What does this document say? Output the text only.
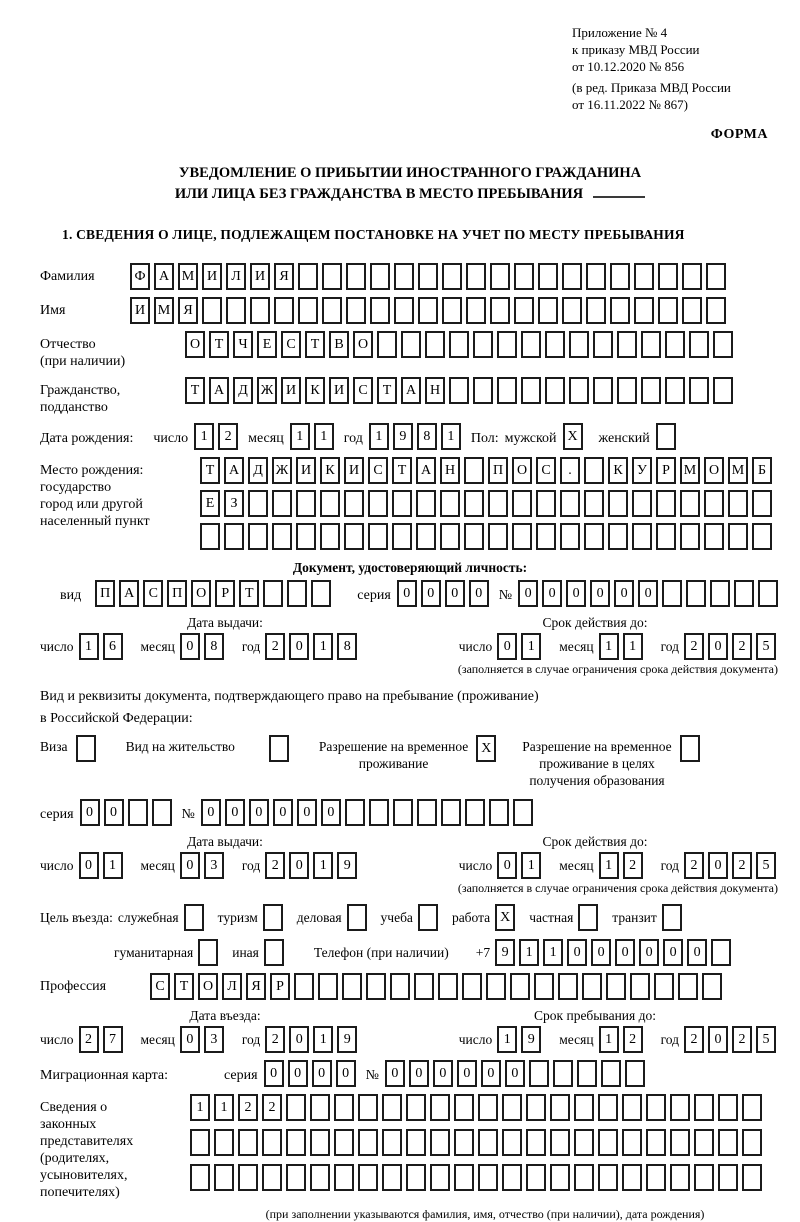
Приложение № 4
к приказу МВД России
от 10.12.2020 № 856
(в ред. Приказа МВД России
от 16.11.2022 № 867)
ФОРМА
УВЕДОМЛЕНИЕ О ПРИБЫТИИ ИНОСТРАННОГО ГРАЖДАНИНА
ИЛИ ЛИЦА БЕЗ ГРАЖДАНСТВА В МЕСТО ПРЕБЫВАНИЯ
1. СВЕДЕНИЯ О ЛИЦЕ, ПОДЛЕЖАЩЕМ ПОСТАНОВКЕ НА УЧЕТ ПО МЕСТУ ПРЕБЫВАНИЯ
Фамилия	Ф А М И	Л	И	Я
Имя	И М Я
Отчество
(при наличии)
О	Т	Ч	Е	С	Т	В	О
Гражданство,
подданство
Т	А	Д Ж И	К	И	С	Т	А Н
Дата рождения: число 1	2	месяц 1	1	год 1	9	8	1	Пол: мужской X	женский
Место рождения:
государство
город или другой
населенный пункт
Т	А	Д Ж И	К	И	С	Т	А Н	П О	С	.	К	У	Р М О М Б
Е	З
Документ, удостоверяющий личность:
вид	П А	С	П О	Р	Т	серия 0	0	0	0	№ 0	0	0	0	0	0
Дата выдачи:
число 1	6	месяц 0	8	год 2	0	1	8
Срок действия до:
число 0	1	месяц 1	1	год 2	0	2	5
(заполняется в случае ограничения срока действия документа)
Вид и реквизиты документа, подтверждающего право на пребывание (проживание)
в Российской Федерации:
Виза	Вид на жительство	Разрешение на временное
проживание
X	Разрешение на временное
проживание в целях
получения образования
серия 0	0	№ 0	0	0	0	0	0
Дата выдачи:
число 0	1	месяц 0	3	год 2	0	1	9
Срок действия до:
число 0	1	месяц 1	2	год 2	0	2	5
(заполняется в случае ограничения срока действия документа)
Цель въезда: служебная	туризм	деловая	учеба	работа X	частная	транзит
гуманитарная	иная	Телефон (при наличии) +7 9	1	1	0	0	0	0	0	0
Профессия	С	Т	О	Л	Я	Р
Дата въезда:
число 2	7	месяц 0	3	год 2	0	1	9
Срок пребывания до:
число 1	9	месяц 1	2	год 2	0	2	5
Миграционная карта:	серия 0	0	0	0	№ 0	0	0	0	0	0
Сведения о
законных
представителях
(родителях,
усыновителях,
попечителях)
1	1	2	2
(при заполнении указываются фамилия, имя, отчество (при наличии), дата рождения)
